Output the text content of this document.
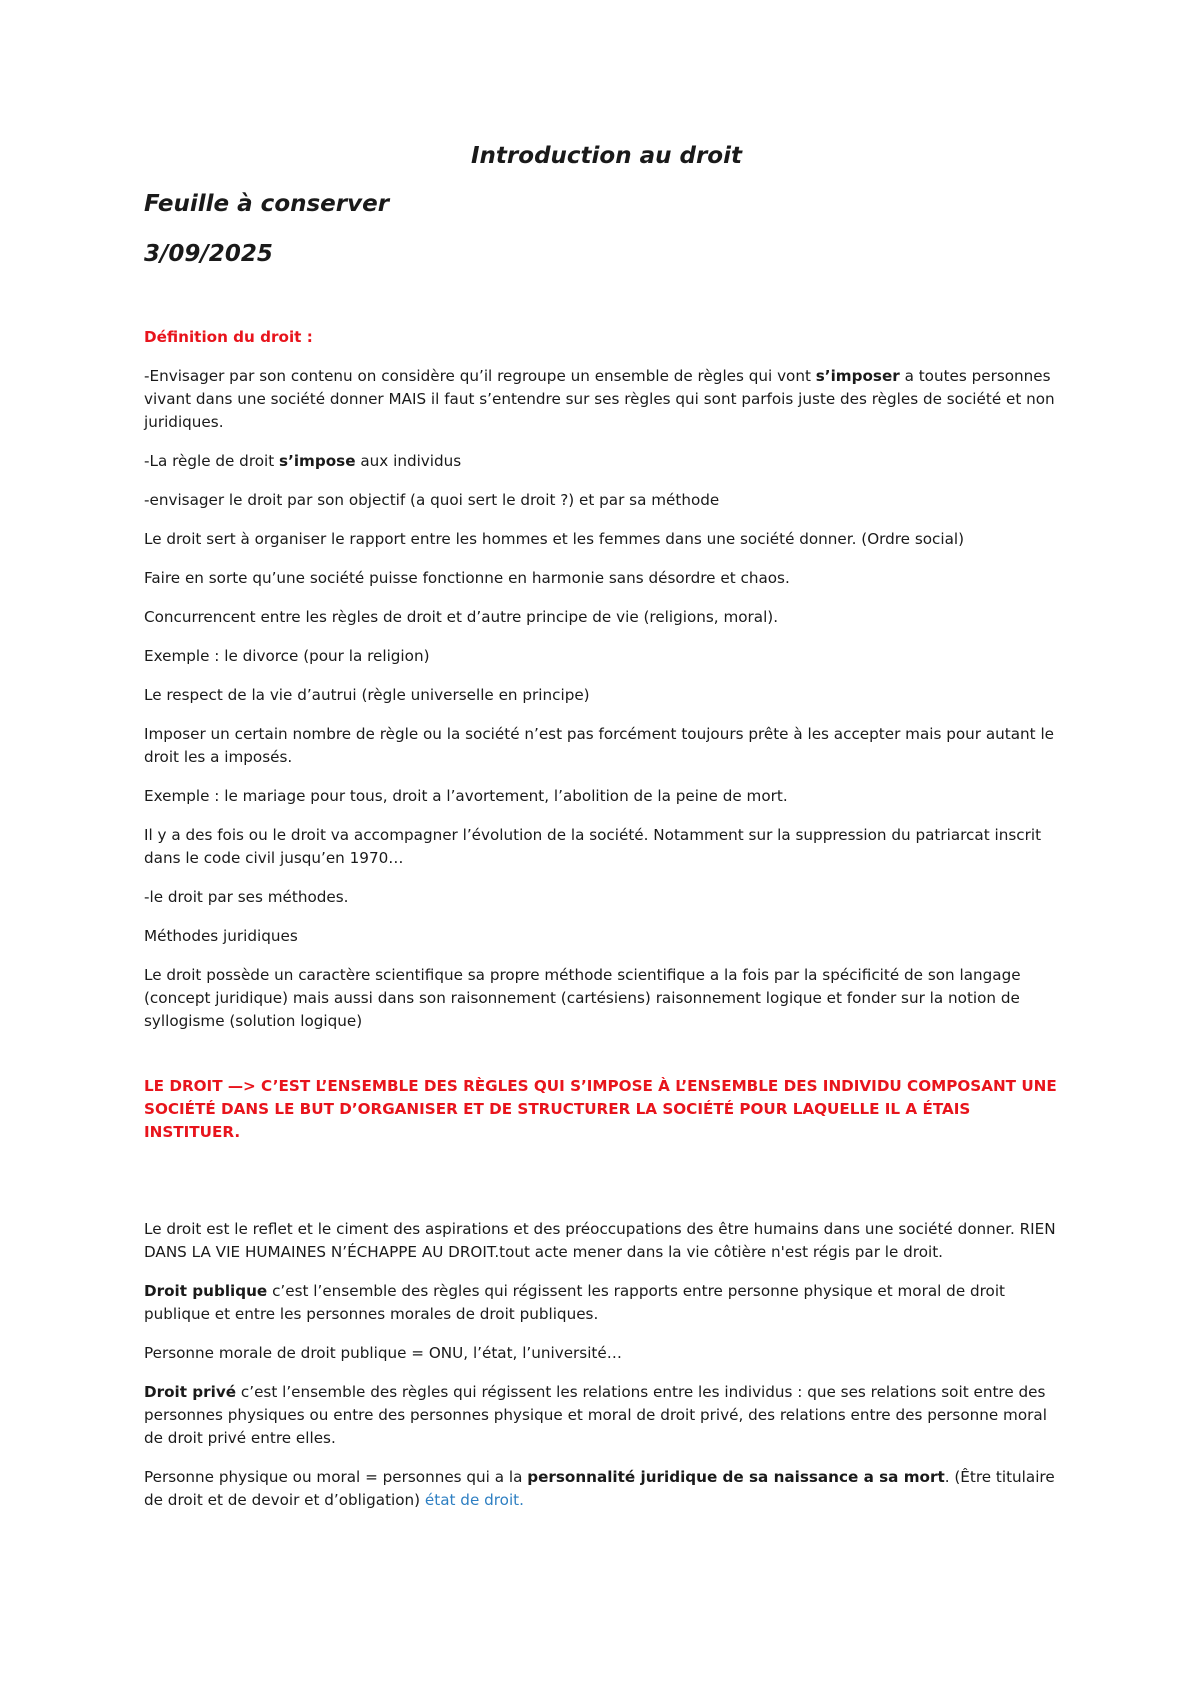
Introduction au droit
Feuille à conserver
3/09/2025

Définition du droit :

-Envisager par son contenu on considère qu’il regroupe un ensemble de règles qui vont s’imposer a toutes personnes vivant dans une société donner MAIS il faut s’entendre sur ses règles qui sont parfois juste des règles de société et non juridiques.

-La règle de droit s’impose aux individus

-envisager le droit par son objectif (a quoi sert le droit ?) et par sa méthode

Le droit sert à organiser le rapport entre les hommes et les femmes dans une société donner. (Ordre social)

Faire en sorte qu’une société puisse fonctionne en harmonie sans désordre et chaos.

Concurrencent entre les règles de droit et d’autre principe de vie (religions, moral).

Exemple : le divorce (pour la religion)

Le respect de la vie d’autrui (règle universelle en principe)

Imposer un certain nombre de règle ou la société n’est pas forcément toujours prête à les accepter mais pour autant le droit les a imposés.

Exemple : le mariage pour tous, droit a l’avortement, l’abolition de la peine de mort.

Il y a des fois ou le droit va accompagner l’évolution de la société. Notamment sur la suppression du patriarcat inscrit dans le code civil jusqu’en 1970…

-le droit par ses méthodes.

Méthodes juridiques

Le droit possède un caractère scientifique sa propre méthode scientifique a la fois par la spécificité de son langage (concept juridique) mais aussi dans son raisonnement (cartésiens) raisonnement logique et fonder sur la notion de syllogisme (solution logique)

LE DROIT —> C’EST L’ENSEMBLE DES RÈGLES QUI S’IMPOSE À L’ENSEMBLE DES INDIVIDU COMPOSANT UNE SOCIÉTÉ DANS LE BUT D’ORGANISER ET DE STRUCTURER LA SOCIÉTÉ POUR LAQUELLE IL A ÉTAIS INSTITUER.

Le droit est le reflet et le ciment des aspirations et des préoccupations des être humains dans une société donner. RIEN DANS LA VIE HUMAINES N’ÉCHAPPE AU DROIT.tout acte mener dans la vie côtière n'est régis par le droit.

Droit publique c’est l’ensemble des règles qui régissent les rapports entre personne physique et moral de droit publique et entre les personnes morales de droit publiques.

Personne morale de droit publique = ONU, l’état, l’université…

Droit privé c’est l’ensemble des règles qui régissent les relations entre les individus : que ses relations soit entre des personnes physiques ou entre des personnes physique et moral de droit privé, des relations entre des personne moral de droit privé entre elles.

Personne physique ou moral = personnes qui a la personnalité juridique de sa naissance a sa mort. (Être titulaire de droit et de devoir et d’obligation) état de droit.
